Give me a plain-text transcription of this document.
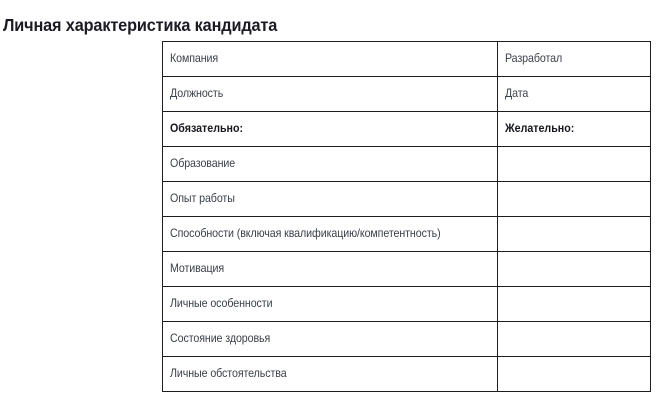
Личная характеристика кандидата
Компания	Разработал

Должность	Дата

Обязательно:	Желательно:

Образование	

Опыт работы	

Способности (включая квалификацию/компетентность)	

Мотивация	

Личные особенности	

Состояние здоровья	

Личные обстоятельства	
